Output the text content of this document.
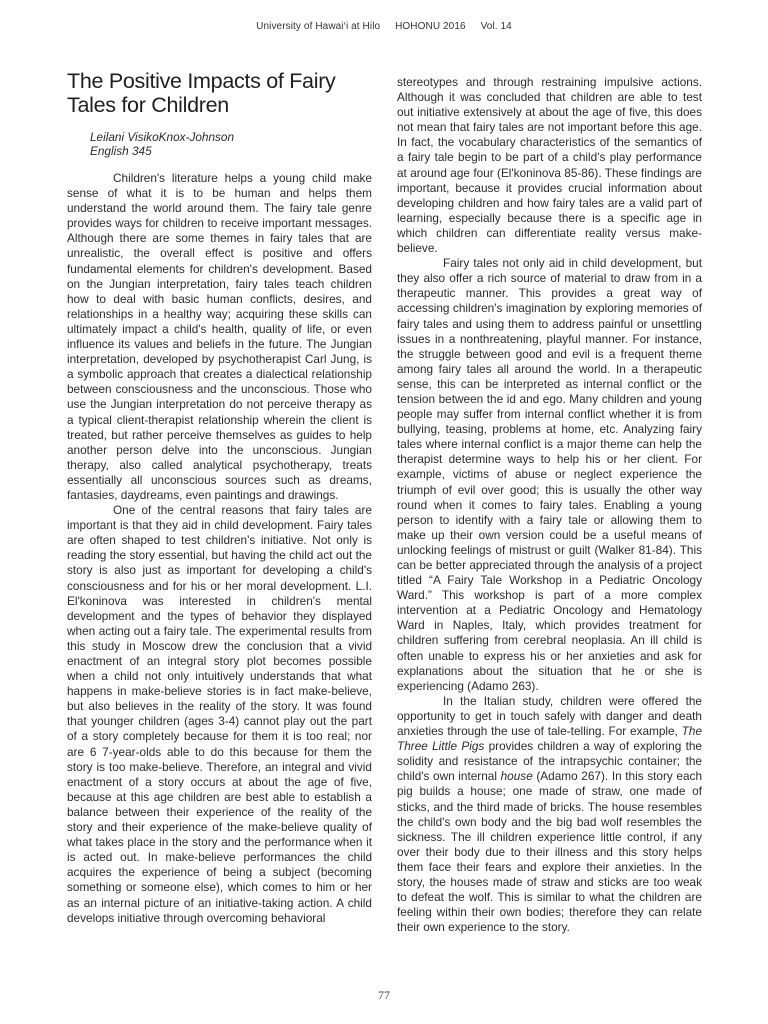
University of Hawai‘i at Hilo HOHONU 2016 Vol. 14
The Positive Impacts of Fairy Tales for Children
Leilani VisikoKnox-Johnson
English 345

Children's literature helps a young child make sense of what it is to be human and helps them understand the world around them. The fairy tale genre provides ways for children to receive important messages. Although there are some themes in fairy tales that are unrealistic, the overall effect is positive and offers fundamental elements for children's development. Based on the Jungian interpretation, fairy tales teach children how to deal with basic human conflicts, desires, and relationships in a healthy way; acquiring these skills can ultimately impact a child's health, quality of life, or even influence its values and beliefs in the future. The Jungian interpretation, developed by psychotherapist Carl Jung, is a symbolic approach that creates a dialectical relationship between consciousness and the unconscious. Those who use the Jungian interpretation do not perceive therapy as a typical client-therapist relationship wherein the client is treated, but rather perceive themselves as guides to help another person delve into the unconscious. Jungian therapy, also called analytical psychotherapy, treats essentially all unconscious sources such as dreams, fantasies, daydreams, even paintings and drawings.

One of the central reasons that fairy tales are important is that they aid in child development. Fairy tales are often shaped to test children's initiative. Not only is reading the story essential, but having the child act out the story is also just as important for developing a child's consciousness and for his or her moral development. L.I. El'koninova was interested in children's mental development and the types of behavior they displayed when acting out a fairy tale. The experimental results from this study in Moscow drew the conclusion that a vivid enactment of an integral story plot becomes possible when a child not only intuitively understands that what happens in make-believe stories is in fact make-believe, but also believes in the reality of the story. It was found that younger children (ages 3-4) cannot play out the part of a story completely because for them it is too real; nor are 6 7-year-olds able to do this because for them the story is too make-believe. Therefore, an integral and vivid enactment of a story occurs at about the age of five, because at this age children are best able to establish a balance between their experience of the reality of the story and their experience of the make-believe quality of what takes place in the story and the performance when it is acted out. In make-believe performances the child acquires the experience of being a subject (becoming something or someone else), which comes to him or her as an internal picture of an initiative-taking action. A child develops initiative through overcoming behavioral

stereotypes and through restraining impulsive actions. Although it was concluded that children are able to test out initiative extensively at about the age of five, this does not mean that fairy tales are not important before this age. In fact, the vocabulary characteristics of the semantics of a fairy tale begin to be part of a child's play performance at around age four (El'koninova 85-86). These findings are important, because it provides crucial information about developing children and how fairy tales are a valid part of learning, especially because there is a specific age in which children can differentiate reality versus make-believe.

Fairy tales not only aid in child development, but they also offer a rich source of material to draw from in a therapeutic manner. This provides a great way of accessing children's imagination by exploring memories of fairy tales and using them to address painful or unsettling issues in a nonthreatening, playful manner. For instance, the struggle between good and evil is a frequent theme among fairy tales all around the world. In a therapeutic sense, this can be interpreted as internal conflict or the tension between the id and ego. Many children and young people may suffer from internal conflict whether it is from bullying, teasing, problems at home, etc. Analyzing fairy tales where internal conflict is a major theme can help the therapist determine ways to help his or her client. For example, victims of abuse or neglect experience the triumph of evil over good; this is usually the other way round when it comes to fairy tales. Enabling a young person to identify with a fairy tale or allowing them to make up their own version could be a useful means of unlocking feelings of mistrust or guilt (Walker 81-84). This can be better appreciated through the analysis of a project titled “A Fairy Tale Workshop in a Pediatric Oncology Ward.” This workshop is part of a more complex intervention at a Pediatric Oncology and Hematology Ward in Naples, Italy, which provides treatment for children suffering from cerebral neoplasia. An ill child is often unable to express his or her anxieties and ask for explanations about the situation that he or she is experiencing (Adamo 263).

In the Italian study, children were offered the opportunity to get in touch safely with danger and death anxieties through the use of tale-telling. For example, The Three Little Pigs provides children a way of exploring the solidity and resistance of the intrapsychic container; the child's own internal house (Adamo 267). In this story each pig builds a house; one made of straw, one made of sticks, and the third made of bricks. The house resembles the child's own body and the big bad wolf resembles the sickness. The ill children experience little control, if any over their body due to their illness and this story helps them face their fears and explore their anxieties. In the story, the houses made of straw and sticks are too weak to defeat the wolf. This is similar to what the children are feeling within their own bodies; therefore they can relate their own experience to the story.

77
